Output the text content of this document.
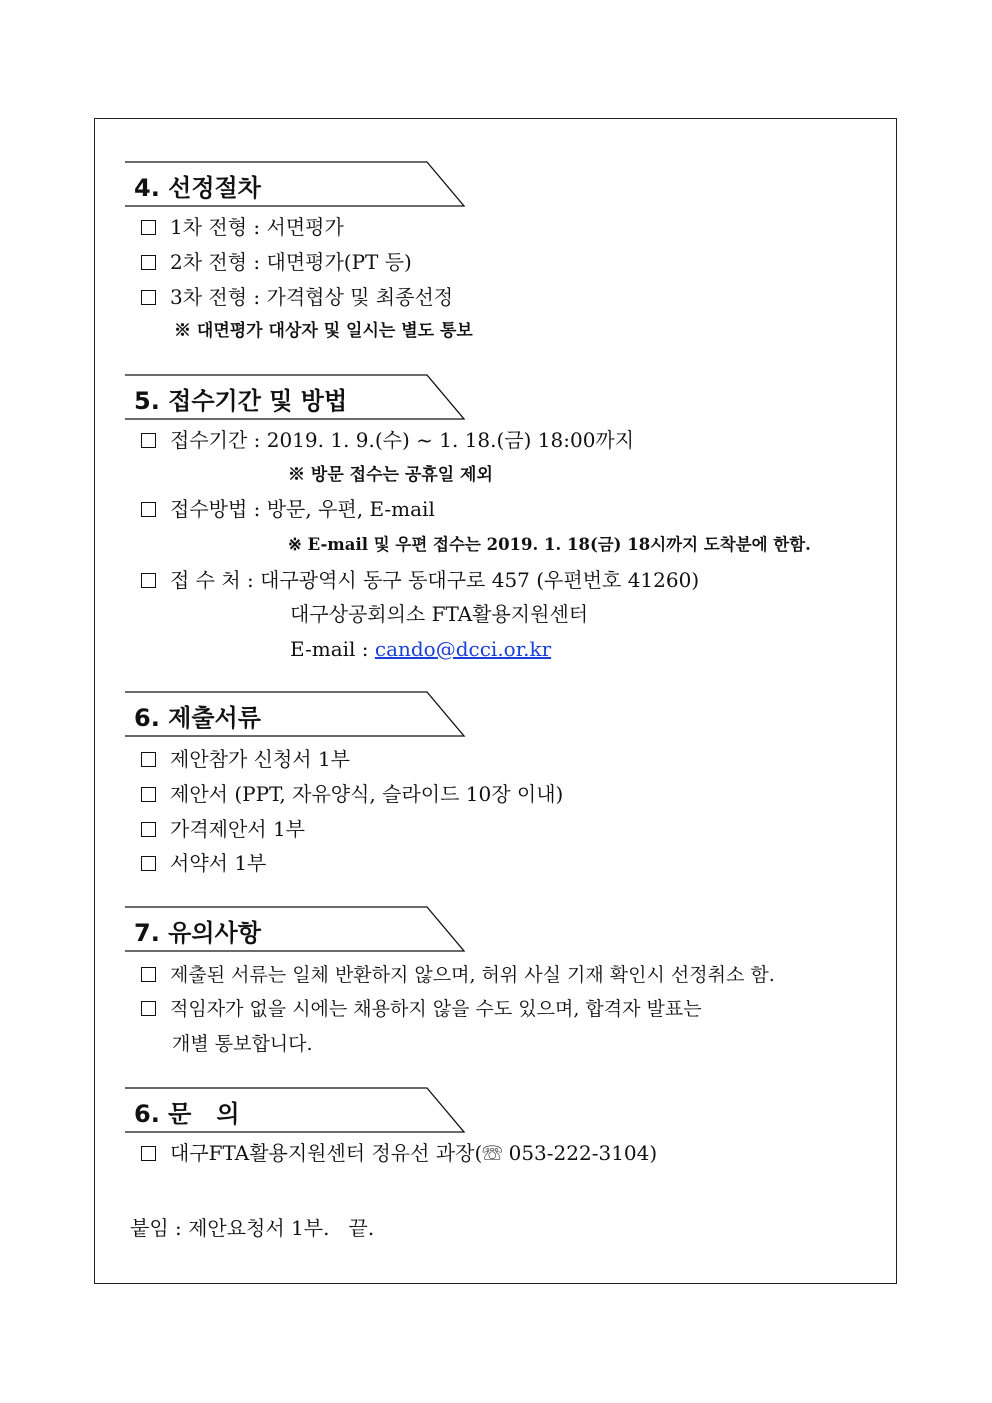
4. 선정절차
1차 전형 : 서면평가
2차 전형 : 대면평가(PT 등)
3차 전형 : 가격협상 및 최종선정
※ 대면평가 대상자 및 일시는 별도 통보
5. 접수기간 및 방법
접수기간 : 2019. 1. 9.(수) ~ 1. 18.(금) 18:00까지
※ 방문 접수는 공휴일 제외
접수방법 : 방문, 우편, E-mail
※ E-mail 및 우편 접수는 2019. 1. 18(금) 18시까지 도착분에 한함.
접 수 처 : 대구광역시 동구 동대구로 457 (우편번호 41260)
대구상공회의소 FTA활용지원센터
E-mail : cando@dcci.or.kr
6. 제출서류
제안참가 신청서 1부
제안서 (PPT, 자유양식, 슬라이드 10장 이내)
가격제안서 1부
서약서 1부
7. 유의사항
제출된 서류는 일체 반환하지 않으며, 허위 사실 기재 확인시 선정취소 함.
적임자가 없을 시에는 채용하지 않을 수도 있으며, 합격자 발표는
개별 통보합니다.
6. 문   의
대구FTA활용지원센터 정유선 과장(☏ 053-222-3104)
붙임 : 제안요청서 1부.   끝.
